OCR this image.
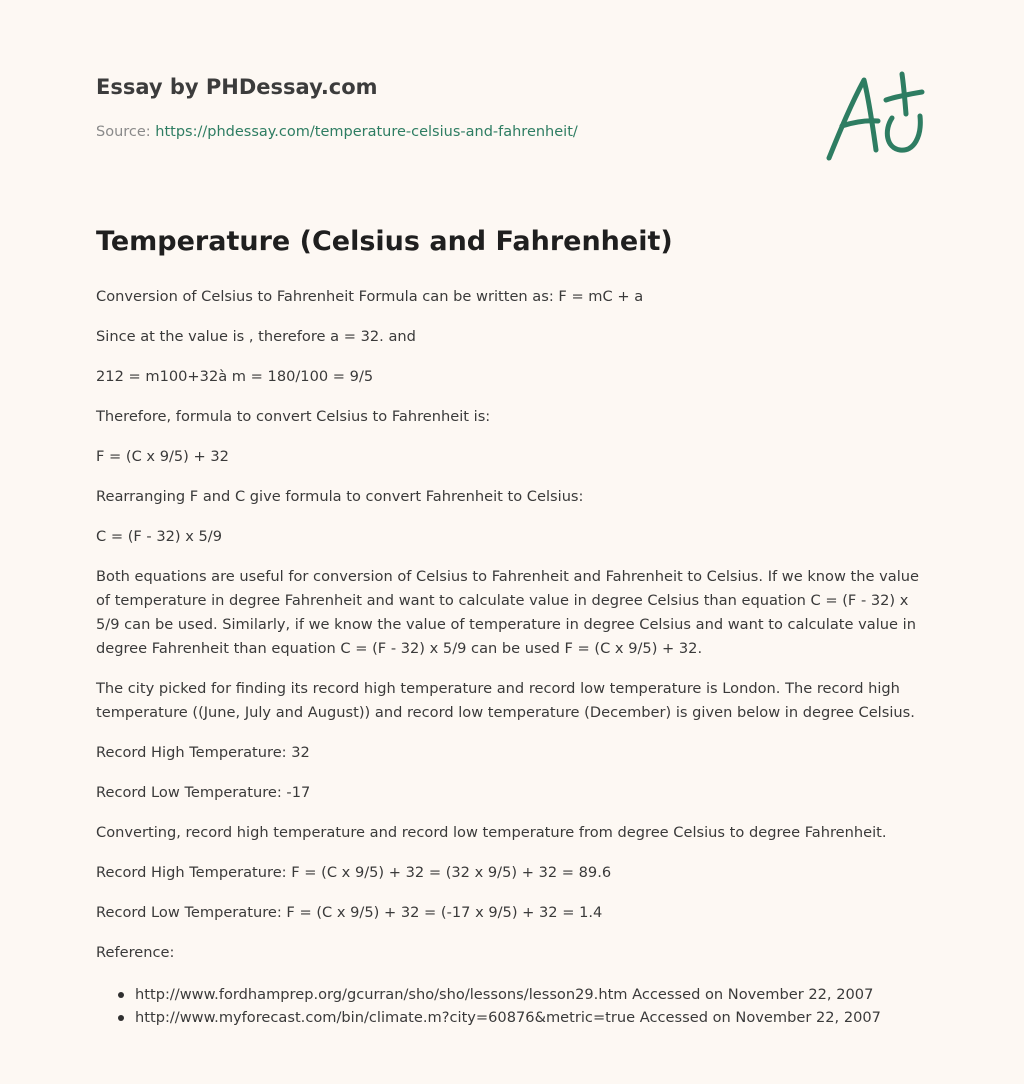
Essay by PHDessay.com
Source: https://phdessay.com/temperature-celsius-and-fahrenheit/
Temperature (Celsius and Fahrenheit)

Conversion of Celsius to Fahrenheit Formula can be written as: F = mC + a

Since at the value is , therefore a = 32. and

212 = m100+32à m = 180/100 = 9/5

Therefore, formula to convert Celsius to Fahrenheit is:

F = (C x 9/5) + 32

Rearranging F and C give formula to convert Fahrenheit to Celsius:

C = (F - 32) x 5/9

Both equations are useful for conversion of Celsius to Fahrenheit and Fahrenheit to Celsius. If we know the value of temperature in degree Fahrenheit and want to calculate value in degree Celsius than equation C = (F - 32) x 5/9 can be used. Similarly, if we know the value of temperature in degree Celsius and want to calculate value in degree Fahrenheit than equation C = (F - 32) x 5/9 can be used F = (C x 9/5) + 32.

The city picked for finding its record high temperature and record low temperature is London. The record high temperature ((June, July and August)) and record low temperature (December) is given below in degree Celsius.

Record High Temperature: 32

Record Low Temperature: -17

Converting, record high temperature and record low temperature from degree Celsius to degree Fahrenheit.

Record High Temperature: F = (C x 9/5) + 32 = (32 x 9/5) + 32 = 89.6

Record Low Temperature: F = (C x 9/5) + 32 = (-17 x 9/5) + 32 = 1.4

Reference:

http://www.fordhamprep.org/gcurran/sho/sho/lessons/lesson29.htm Accessed on November 22, 2007
http://www.myforecast.com/bin/climate.m?city=60876&metric=true Accessed on November 22, 2007
